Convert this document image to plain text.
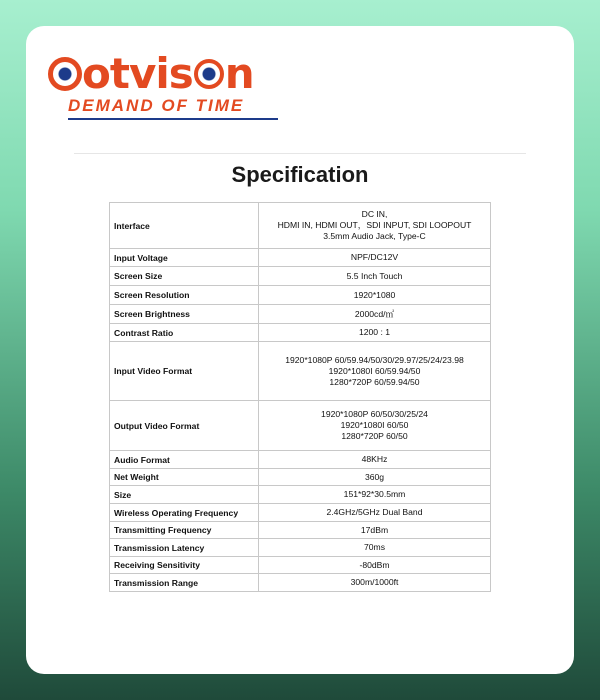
ot vis n
DEMAND OF TIME
Specification
Interface	DC IN,
HDMI IN, HDMI OUT，SDI INPUT, SDI LOOPOUT
3.5mm Audio Jack, Type-C

Input Voltage	NPF/DC12V

Screen Size	5.5 Inch Touch

Screen Resolution	1920*1080

Screen Brightness	2000cd/㎡

Contrast Ratio	1200 : 1

Input Video Format	1920*1080P 60/59.94/50/30/29.97/25/24/23.98
1920*1080I 60/59.94/50
1280*720P 60/59.94/50

Output Video Format	1920*1080P 60/50/30/25/24
1920*1080I 60/50
1280*720P 60/50

Audio Format	48KHz

Net Weight	360g

Size	151*92*30.5mm

Wireless Operating Frequency	2.4GHz/5GHz Dual Band

Transmitting Frequency	17dBm

Transmission Latency	70ms

Receiving Sensitivity	-80dBm

Transmission Range	300m/1000ft
